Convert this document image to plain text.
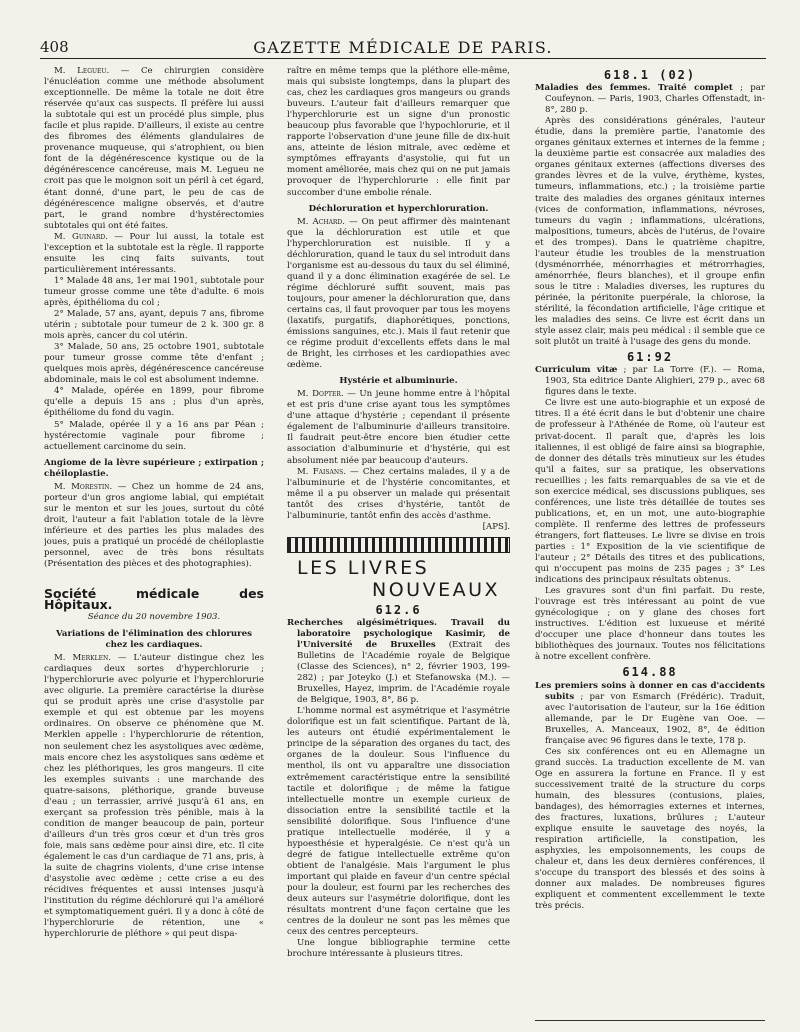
408	GAZETTE MÉDICALE DE PARIS.

M. Legueu. — Ce chirurgien considère l'énucléation comme une méthode absolument exceptionnelle. De même la totale ne doit être réservée qu'aux cas suspects. Il préfère lui aussi la subtotale qui est un procédé plus simple, plus facile et plus rapide. D'ailleurs, il existe au centre des fibromes des éléments glandulaires de provenance muqueuse, qui s'atrophient, ou bien font de la dégénérescence kystique ou de la dégénérescence cancéreuse, mais M. Legueu ne croit pas que le moignon soit un péril à cet égard, étant donné, d'une part, le peu de cas de dégénérescence maligne observés, et d'autre part, le grand nombre d'hystérectomies subtotales qui ont été faites.

M. Guinard. — Pour lui aussi, la totale est l'exception et la subtotale est la règle. Il rapporte ensuite les cinq faits suivants, tout particulièrement intéressants.

1° Malade 48 ans, 1er mai 1901, subtotale pour tumeur grosse comme une tête d'adulte. 6 mois après, épithélioma du col ;

2° Malade, 57 ans, ayant, depuis 7 ans, fibrome utérin ; subtotale pour tumeur de 2 k. 300 gr. 8 mois après, cancer du col utérin.

3° Malade, 50 ans, 25 octobre 1901, subtotale pour tumeur grosse comme tête d'enfant ; quelques mois après, dégénérescence cancéreuse abdominale, mais le col est absolument indemne.

4° Malade, opérée en 1899, pour fibrome qu'elle a depuis 15 ans ; plus d'un après, épithéliome du fond du vagin.

5° Malade, opérée il y a 16 ans par Péan ; hystérectomie vaginale pour fibrome ; actuellement carcinome du sein.

Angiome de la lèvre supérieure ; extirpation ; chéiloplastie.

M. Morestin. — Chez un homme de 24 ans, porteur d'un gros angiome labial, qui empiétait sur le menton et sur les joues, surtout du côté droit, l'auteur a fait l'ablation totale de la lèvre inférieure et des parties les plus malades des joues, puis a pratiqué un procédé de chéiloplastie personnel, avec de très bons résultats (Présentation des pièces et des photographies).

Société médicale des Hôpitaux.

Séance du 20 novembre 1903.

Variations de l'élimination des chlorures chez les cardiaques.

M. Merklen. — L'auteur distingue chez les cardiaques deux sortes d'hyperchlorurie ; l'hyperchlorurie avec polyurie et l'hyperchlorurie avec oligurie. La première caractérise la diurèse qui se produit après une crise d'asystolie par exemple et qui est obtenue par les moyens ordinaires. On observe ce phénomène que M. Merklen appelle : l'hyperchlorurie de rétention, non seulement chez les asystoliques avec œdème, mais encore chez les asystoliques sans œdème et chez les pléthoriques, les gros mangeurs. Il cite les exemples suivants : une marchande des quatre-saisons, pléthorique, grande buveuse d'eau ; un terrassier, arrivé jusqu'à 61 ans, en exerçant sa profession très pénible, mais à la condition de manger beaucoup de pain, porteur d'ailleurs d'un très gros cœur et d'un très gros foie, mais sans œdème pour ainsi dire, etc. Il cite également le cas d'un cardiaque de 71 ans, pris, à la suite de chagrins violents, d'une crise intense d'asystolie avec œdème ; cette crise a eu des récidives fréquentes et aussi intenses jusqu'à l'institution du régime déchloruré qui l'a amélioré et symptomatiquement guéri. Il y a donc à côté de l'hyperchlorurie de rétention, une « hyperchlorurie de pléthore » qui peut dispa-

raître en même temps que la pléthore elle-même, mais qui subsiste longtemps, dans la plupart des cas, chez les cardiaques gros mangeurs ou grands buveurs. L'auteur fait d'ailleurs remarquer que l'hyperchlorurie est un signe d'un pronostic beaucoup plus favorable que l'hypochlorurie, et il rapporte l'observation d'une jeune fille de dix-huit ans, atteinte de lésion mitrale, avec œdème et symptômes effrayants d'asystolie, qui fut un moment améliorée, mais chez qui on ne put jamais provoquer de l'hyperchlorurie : elle finit par succomber d'une embolie rénale.

Déchloruration et hyperchloruration.

M. Achard. — On peut affirmer dès maintenant que la déchloruration est utile et que l'hyperchloruration est nuisible. Il y a déchloruration, quand le taux du sel introduit dans l'organisme est au-dessous du taux du sel éliminé, quand il y a donc élimination exagérée de sel. Le régime déchloruré suffit souvent, mais pas toujours, pour amener la déchloruration que, dans certains cas, il faut provoquer par tous les moyens (laxatifs, purgatifs, diaphorétiques, ponctions, émissions sanguines, etc.). Mais il faut retenir que ce régime produit d'excellents effets dans le mal de Bright, les cirrhoses et les cardiopathies avec œdème.

Hystérie et albuminurie.

M. Dopter. — Un jeune homme entre à l'hôpital et est pris d'une crise ayant tous les symptômes d'une attaque d'hystérie ; cependant il présente également de l'albuminurie d'ailleurs transitoire. Il faudrait peut-être encore bien étudier cette association d'albuminurie et d'hystérie, qui est absolument niée par beaucoup d'auteurs.

M. Faisans. — Chez certains malades, il y a de l'albuminurie et de l'hystérie concomitantes, et même il a pu observer un malade qui présentait tantôt des crises d'hystérie, tantôt de l'albuminurie, tantôt enfin des accès d'asthme.

[APS].

LES LIVRES
NOUVEAUX

612.6

Recherches algésimétriques. Travail du laboratoire psychologique Kasimir, de l'Université de Bruxelles (Extrait des Bulletins de l'Académie royale de Belgique (Classe des Sciences), n° 2, février 1903, 199-282) ; par Joteyko (J.) et Stefanowska (M.). — Bruxelles, Hayez, imprim. de l'Académie royale de Belgique, 1903, 8°, 86 p.

L'homme normal est asymétrique et l'asymétrie dolorifique est un fait scientifique. Partant de là, les auteurs ont étudié expérimentalement le principe de la séparation des organes du tact, des organes de la douleur. Sous l'influence du menthol, ils ont vu apparaître une dissociation extrêmement caractéristique entre la sensibilité tactile et dolorifique ; de même la fatigue intellectuelle montre un exemple curieux de dissociation entre la sensibilité tactile et la sensibilité dolorifique. Sous l'influence d'une pratique intellectuelle modérée, il y a hypoesthésie et hyperalgésie. Ce n'est qu'à un degré de fatigue intellectuelle extrême qu'on obtient de l'analgésie. Mais l'argument le plus important qui plaide en faveur d'un centre spécial pour la douleur, est fourni par les recherches des deux auteurs sur l'asymétrie dolorifique, dont les résultats montrent d'une façon certaine que les centres de la douleur ne sont pas les mêmes que ceux des centres percepteurs.

Une longue bibliographie termine cette brochure intéressante à plusieurs titres.

618.1 (02)

Maladies des femmes. Traité complet ; par Coufeynon. — Paris, 1903, Charles Offenstadt, in-8°, 280 p.

Après des considérations générales, l'auteur étudie, dans la première partie, l'anatomie des organes génitaux externes et internes de la femme ; la deuxième partie est consacrée aux maladies des organes génitaux externes (affections diverses des grandes lèvres et de la vulve, érythème, kystes, tumeurs, inflammations, etc.) ; la troisième partie traite des maladies des organes génitaux internes (vices de conformation, inflammations, névroses, tumeurs du vagin ; inflammations, ulcérations, malpositions, tumeurs, abcès de l'utérus, de l'ovaire et des trompes). Dans le quatrième chapitre, l'auteur étudie les troubles de la menstruation (dysménorrhée, ménorrhagies et métrorrhagies, aménorrhée, fleurs blanches), et il groupe enfin sous le titre : Maladies diverses, les ruptures du périnée, la péritonite puerpérale, la chlorose, la stérilité, la fécondation artificielle, l'âge critique et les maladies des seins. Ce livre est écrit dans un style assez clair, mais peu médical : il semble que ce soit plutôt un traité à l'usage des gens du monde.

61:92

Curriculum vitæ ; par La Torre (F.). — Roma, 1903, Sta editrice Dante Alighieri, 279 p., avec 68 figures dans le texte.

Ce livre est une auto-biographie et un exposé de titres. Il a été écrit dans le but d'obtenir une chaire de professeur à l'Athénée de Rome, où l'auteur est privat-docent. Il paraît que, d'après les lois italiennes, il est obligé de faire ainsi sa biographie, de donner des détails très minutieux sur les études qu'il a faites, sur sa pratique, les observations recueillies ; les faits remarquables de sa vie et de son exercice médical, ses discussions publiques, ses conférences, une liste très détaillée de toutes ses publications, et, en un mot, une auto-biographie complète. Il renferme des lettres de professeurs étrangers, fort flatteuses. Le livre se divise en trois parties : 1° Exposition de la vie scientifique de l'auteur ; 2° Détails des titres et des publications, qui n'occupent pas moins de 235 pages ; 3° Les indications des principaux résultats obtenus.

Les gravures sont d'un fini parfait. Du reste, l'ouvrage est très intéressant au point de vue gynécologique ; on y glane des choses fort instructives. L'édition est luxueuse et mérité d'occuper une place d'honneur dans toutes les bibliothèques des journaux. Toutes nos félicitations à notre excellent confrère.

614.88

Les premiers soins à donner en cas d'accidents subits ; par von Esmarch (Frédéric). Traduit, avec l'autorisation de l'auteur, sur la 16e édition allemande, par le Dr Eugène van Ooe. — Bruxelles, A. Manceaux, 1902, 8°, 4e édition française avec 96 figures dans le texte, 178 p.

Ces six conférences ont eu en Allemagne un grand succès. La traduction excellente de M. van Oge en assurera la fortune en France. Il y est successivement traité de la structure du corps humain, des blessures (contusions, plaies, bandages), des hémorragies externes et internes, des fractures, luxations, brûlures ; L'auteur explique ensuite le sauvetage des noyés, la respiration artificielle, la constipation, les asphyxies, les empoisonnements, les coups de chaleur et, dans les deux dernières conférences, il s'occupe du transport des blessés et des soins à donner aux malades. De nombreuses figures expliquent et commentent excellemment le texte très précis.
